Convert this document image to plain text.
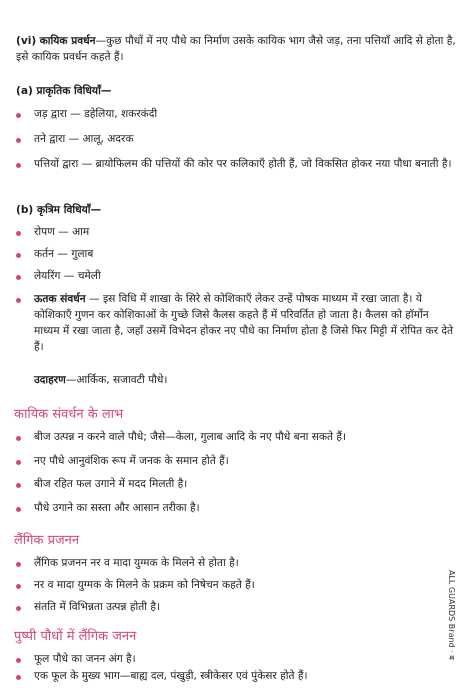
(vi) कायिक प्रवर्धन—कुछ पौधों में नए पौधे का निर्माण उसके कायिक भाग जैसे जड़, तना पत्तियाँ आदि से होता है, इसे कायिक प्रवर्धन कहते हैं।
(a) प्राकृतिक विधियाँ—
जड़ द्वारा — डहेलिया, शकरकंदी
तने द्वारा — आलू, अदरक
पत्तियों द्वारा — ब्रायोफिलम की पत्तियों की कोर पर कलिकाएँ होती हैं, जो विकसित होकर नया पौधा बनाती है।
(b) कृत्रिम विधियाँ—
रोपण — आम
कर्तन — गुलाब
लेयरिंग — चमेली
ऊतक संवर्धन — इस विधि में शाखा के सिरे से कोशिकाएँ लेकर उन्हें पोषक माध्यम में रखा जाता है। ये कोशिकाएँ गुणन कर कोशिकाओं के गुच्छे जिसे कैलस कहते हैं में परिवर्तित हो जाता है। कैलस को हॉर्मोन माध्यम में रखा जाता है, जहाँ उसमें विभेदन होकर नए पौधे का निर्माण होता है जिसे फिर मिट्टी में रोपित कर देते हैं।
उदाहरण—आर्किक, सजावटी पौधे।
कायिक संवर्धन के लाभ
बीज उत्पन्न न करने वाले पौधे; जैसे—केला, गुलाब आदि के नए पौधे बना सकते हैं।
नए पौधे आनुवंशिक रूप में जनक के समान होते हैं।
बीज रहित फल उगाने में मदद मिलती है।
पौधे उगाने का सस्ता और आसान तरीका है।
लैंगिक प्रजनन
लैंगिक प्रजनन नर व मादा युग्मक के मिलने से होता है।
नर व मादा युग्मक के मिलने के प्रक्रम को निषेचन कहते हैं।
संतति में विभिन्नता उत्पन्न होती है।
पुष्पी पौधों में लैंगिक जनन
फूल पौधे का जनन अंग है।
एक फूल के मुख्य भाग—बाह्य दल, पंखुड़ी, स्त्रीकेसर एवं पुंकेसर होते हैं।
ALL GUARDS Brand · ब
